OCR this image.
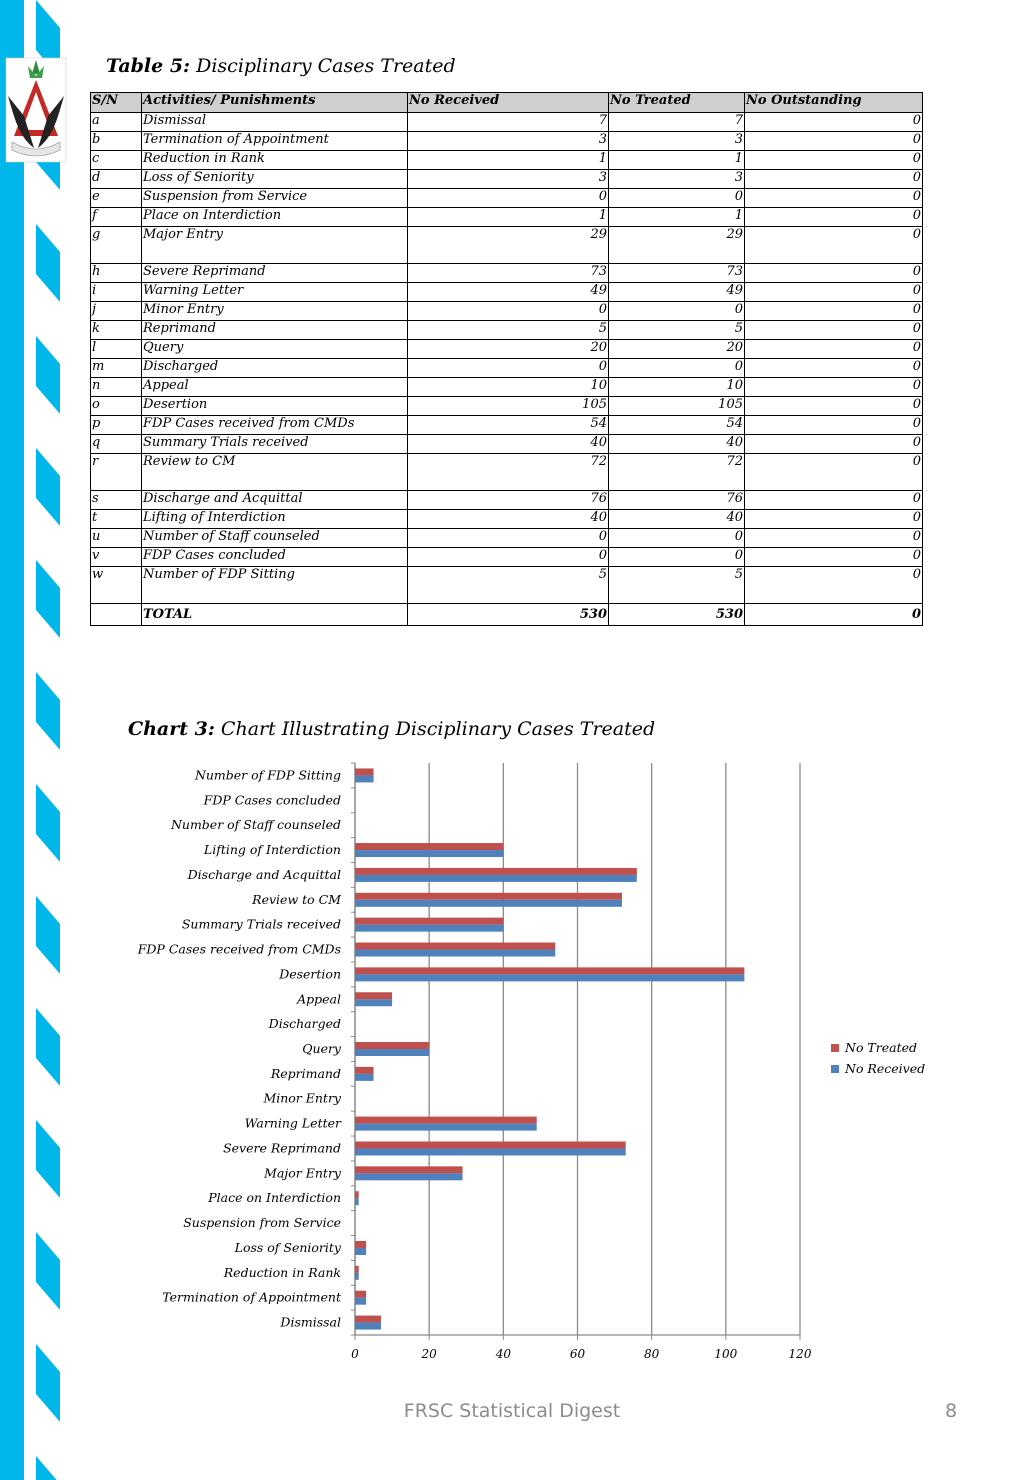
Table 5: Disciplinary Cases Treated
S/N	Activities/ Punishments	No Received	No Treated	No Outstanding
a	Dismissal	7	7	0
b	Termination of Appointment	3	3	0
c	Reduction in Rank	1	1	0
d	Loss of Seniority	3	3	0
e	Suspension from Service	0	0	0
f	Place on Interdiction	1	1	0
g	Major Entry	29	29	0
h	Severe Reprimand	73	73	0
i	Warning Letter	49	49	0
j	Minor Entry	0	0	0
k	Reprimand	5	5	0
l	Query	20	20	0
m	Discharged	0	0	0
n	Appeal	10	10	0
o	Desertion	105	105	0
p	FDP Cases received from CMDs	54	54	0
q	Summary Trials received	40	40	0
r	Review to CM	72	72	0
s	Discharge and Acquittal	76	76	0
t	Lifting of Interdiction	40	40	0
u	Number of Staff counseled	0	0	0
v	FDP Cases concluded	0	0	0
w	Number of FDP Sitting	5	5	0
	TOTAL	530	530	0
Chart 3: Chart Illustrating Disciplinary Cases Treated
0	20	40	60	80	100	120
Dismissal
Termination of Appointment
Reduction in Rank
Loss of Seniority
Suspension from Service
Place on Interdiction
Major Entry
Severe Reprimand
Warning Letter
Minor Entry
Reprimand
Query
Discharged
Appeal
Desertion
FDP Cases received from CMDs
Summary Trials received
Review to CM
Discharge and Acquittal
Lifting of Interdiction
Number of Staff counseled
FDP Cases concluded
Number of FDP Sitting
No Treated
No Received
FRSC Statistical Digest	8
